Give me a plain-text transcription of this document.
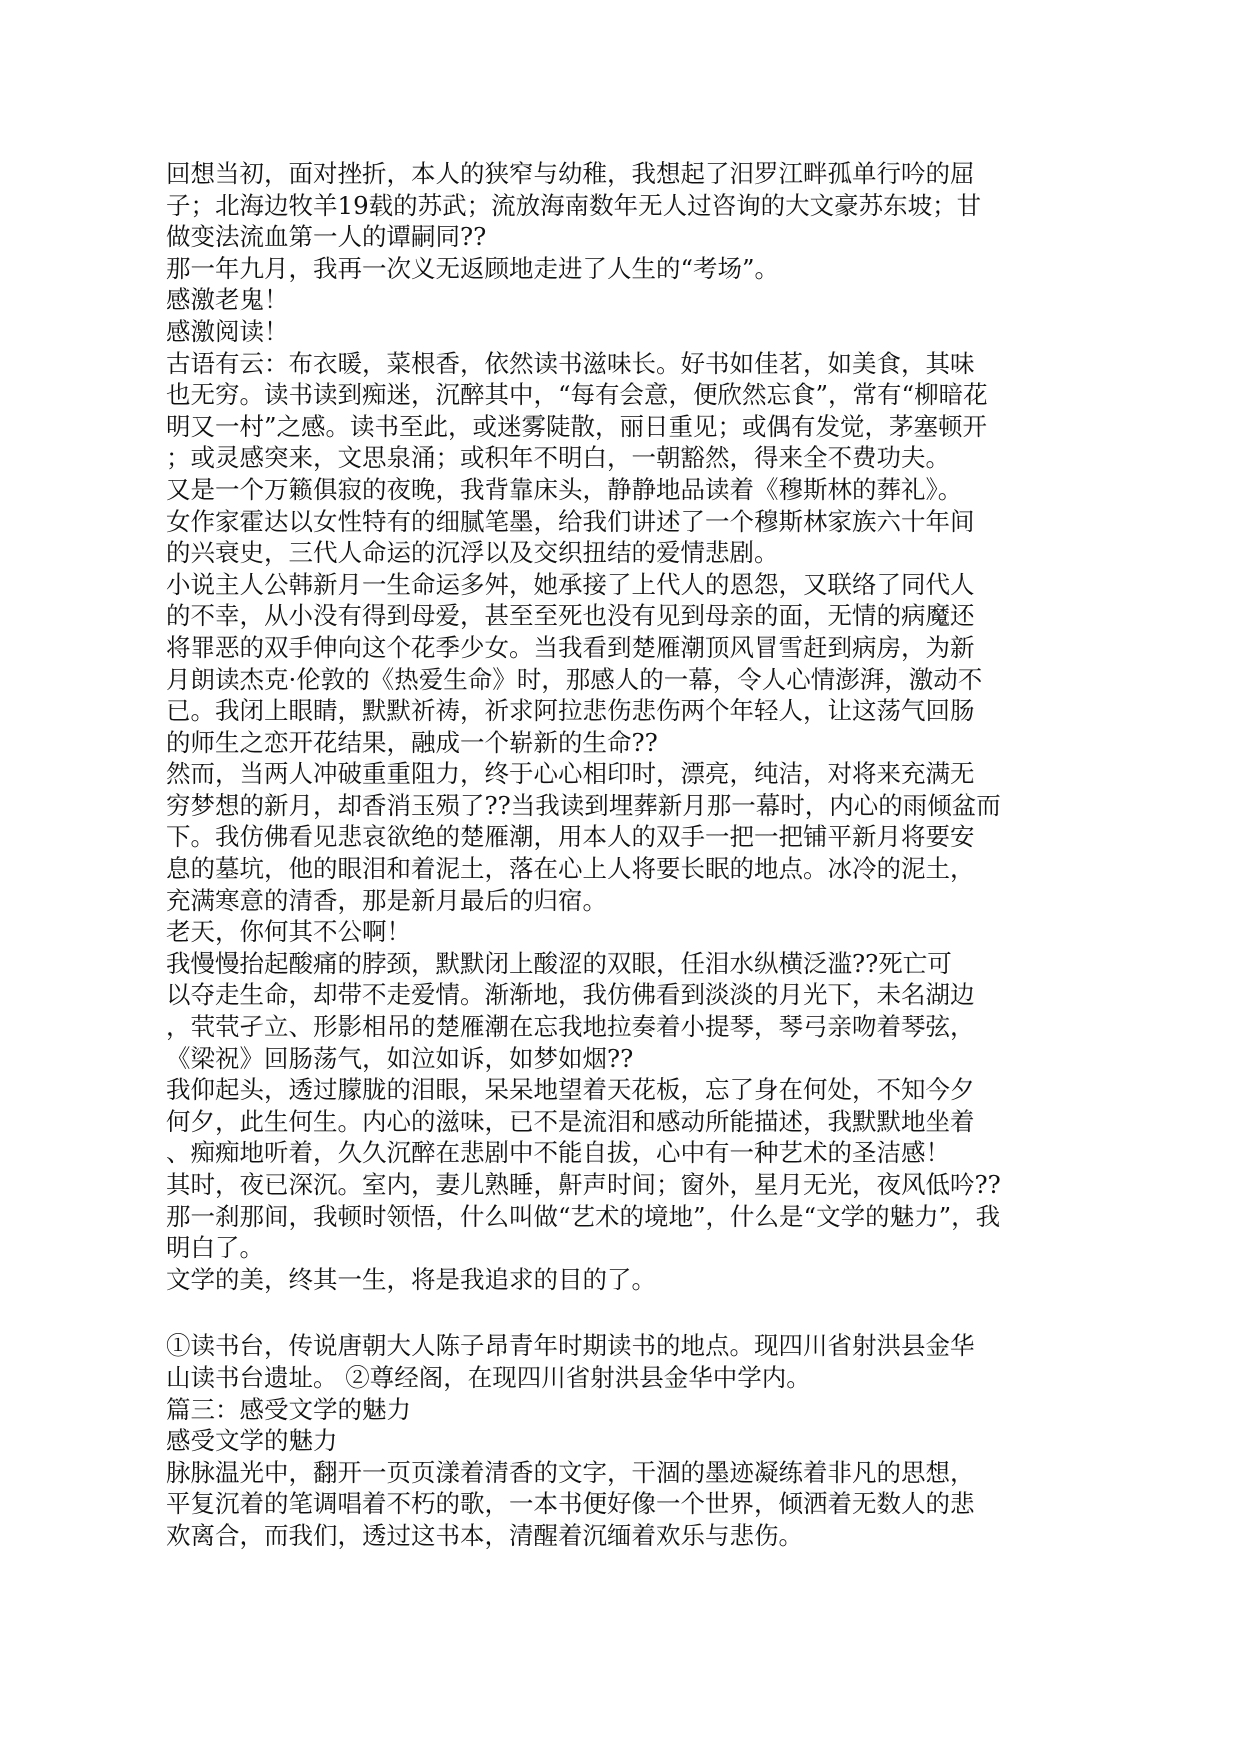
回想当初，面对挫折，本人的狭窄与幼稚，我想起了汨罗江畔孤单行吟的屈
子；北海边牧羊19载的苏武；流放海南数年无人过咨询的大文豪苏东坡；甘
做变法流血第一人的谭嗣同??
那一年九月，我再一次义无返顾地走进了人生的“考场”。
感激老鬼！
感激阅读！
古语有云：布衣暖，菜根香，依然读书滋味长。好书如佳茗，如美食，其味
也无穷。读书读到痴迷，沉醉其中，“每有会意，便欣然忘食”，常有“柳暗花
明又一村”之感。读书至此，或迷雾陡散，丽日重见；或偶有发觉，茅塞顿开
；或灵感突来，文思泉涌；或积年不明白，一朝豁然，得来全不费功夫。
又是一个万籁俱寂的夜晚，我背靠床头，静静地品读着《穆斯林的葬礼》。
女作家霍达以女性特有的细腻笔墨，给我们讲述了一个穆斯林家族六十年间
的兴衰史，三代人命运的沉浮以及交织扭结的爱情悲剧。
小说主人公韩新月一生命运多舛，她承接了上代人的恩怨，又联络了同代人
的不幸，从小没有得到母爱，甚至至死也没有见到母亲的面，无情的病魔还
将罪恶的双手伸向这个花季少女。当我看到楚雁潮顶风冒雪赶到病房，为新
月朗读杰克·伦敦的《热爱生命》时，那感人的一幕，令人心情澎湃，激动不
已。我闭上眼睛，默默祈祷，祈求阿拉悲伤悲伤两个年轻人，让这荡气回肠
的师生之恋开花结果，融成一个崭新的生命??
然而，当两人冲破重重阻力，终于心心相印时，漂亮，纯洁，对将来充满无
穷梦想的新月，却香消玉殒了??当我读到埋葬新月那一幕时，内心的雨倾盆而
下。我仿佛看见悲哀欲绝的楚雁潮，用本人的双手一把一把铺平新月将要安
息的墓坑，他的眼泪和着泥土，落在心上人将要长眠的地点。冰冷的泥土，
充满寒意的清香，那是新月最后的归宿。
老天，你何其不公啊！
我慢慢抬起酸痛的脖颈，默默闭上酸涩的双眼，任泪水纵横泛滥??死亡可
以夺走生命，却带不走爱情。渐渐地，我仿佛看到淡淡的月光下，未名湖边
，茕茕孑立、形影相吊的楚雁潮在忘我地拉奏着小提琴，琴弓亲吻着琴弦，
《梁祝》回肠荡气，如泣如诉，如梦如烟??
我仰起头，透过朦胧的泪眼，呆呆地望着天花板，忘了身在何处，不知今夕
何夕，此生何生。内心的滋味，已不是流泪和感动所能描述，我默默地坐着
、痴痴地听着，久久沉醉在悲剧中不能自拔，心中有一种艺术的圣洁感！
其时，夜已深沉。室内，妻儿熟睡，鼾声时间；窗外，星月无光，夜风低吟??
那一刹那间，我顿时领悟，什么叫做“艺术的境地”，什么是“文学的魅力”，我
明白了。
文学的美，终其一生，将是我追求的目的了。
①读书台，传说唐朝大人陈子昂青年时期读书的地点。现四川省射洪县金华
山读书台遗址。 ②尊经阁，在现四川省射洪县金华中学内。
篇三：感受文学的魅力
感受文学的魅力
脉脉温光中，翻开一页页漾着清香的文字，干涸的墨迹凝练着非凡的思想，
平复沉着的笔调唱着不朽的歌，一本书便好像一个世界，倾洒着无数人的悲
欢离合，而我们，透过这书本，清醒着沉缅着欢乐与悲伤。
